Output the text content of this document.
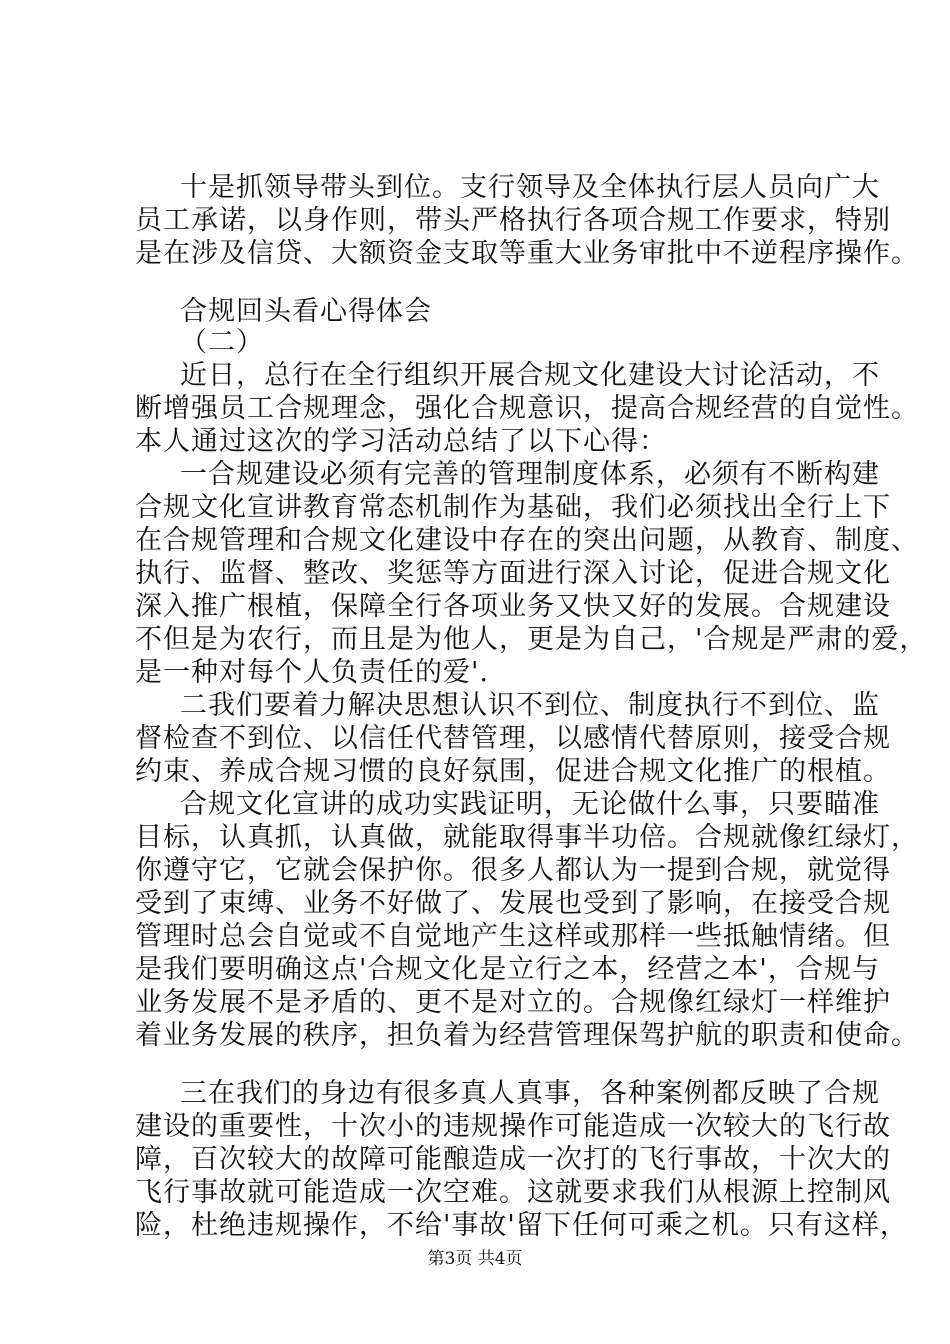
十是抓领导带头到位。支行领导及全体执行层人员向广大
员工承诺，以身作则，带头严格执行各项合规工作要求，特别
是在涉及信贷、大额资金支取等重大业务审批中不逆程序操作。
合规回头看心得体会
（二）
近日，总行在全行组织开展合规文化建设大讨论活动，不
断增强员工合规理念，强化合规意识，提高合规经营的自觉性。
本人通过这次的学习活动总结了以下心得：
一合规建设必须有完善的管理制度体系，必须有不断构建
合规文化宣讲教育常态机制作为基础，我们必须找出全行上下
在合规管理和合规文化建设中存在的突出问题，从教育、制度、
执行、监督、整改、奖惩等方面进行深入讨论，促进合规文化
深入推广根植，保障全行各项业务又快又好的发展。合规建设
不但是为农行，而且是为他人，更是为自己，'合规是严肃的爱，
是一种对每个人负责任的爱'.
二我们要着力解决思想认识不到位、制度执行不到位、监
督检查不到位、以信任代替管理，以感情代替原则，接受合规
约束、养成合规习惯的良好氛围，促进合规文化推广的根植。
合规文化宣讲的成功实践证明，无论做什么事，只要瞄准
目标，认真抓，认真做，就能取得事半功倍。合规就像红绿灯，
你遵守它，它就会保护你。很多人都认为一提到合规，就觉得
受到了束缚、业务不好做了、发展也受到了影响，在接受合规
管理时总会自觉或不自觉地产生这样或那样一些抵触情绪。但
是我们要明确这点'合规文化是立行之本，经营之本'，合规与
业务发展不是矛盾的、更不是对立的。合规像红绿灯一样维护
着业务发展的秩序，担负着为经营管理保驾护航的职责和使命。
三在我们的身边有很多真人真事，各种案例都反映了合规
建设的重要性，十次小的违规操作可能造成一次较大的飞行故
障，百次较大的故障可能酿造成一次打的飞行事故，十次大的
飞行事故就可能造成一次空难。这就要求我们从根源上控制风
险，杜绝违规操作，不给'事故'留下任何可乘之机。只有这样，
第3页 共4页
